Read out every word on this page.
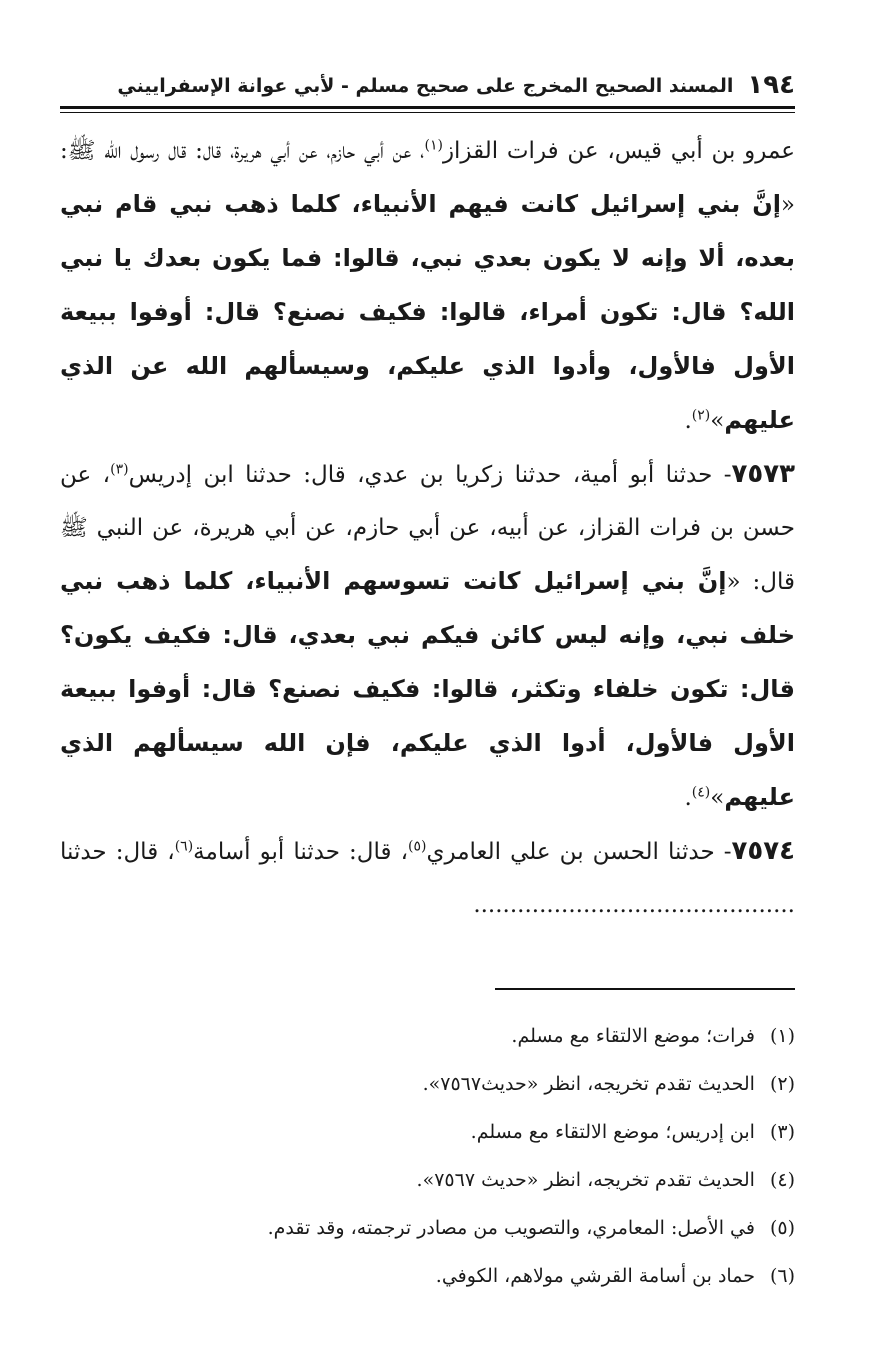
١٩٤
المسند الصحيح المخرج على صحيح مسلم - لأبي عوانة الإسفراييني

عمرو بن أبي قيس، عن فرات القزاز$^{(١)}$، عن أبي حازم، عن أبي هريرة، قال: قال رسول الله ﷺ: «إنَّ بني إسرائيل كانت فيهم الأنبياء، كلما ذهب نبي قام نبي بعده، ألا وإنه لا يكون بعدي نبي، قالوا: فما يكون بعدك يا نبي الله؟ قال: تكون أمراء، قالوا: فكيف نصنع؟ قال: أوفوا ببيعة الأول فالأول، وأدوا الذي عليكم، وسيسألهم الله عن الذي عليهم»$^{(٢)}$.

٧٥٧٣- حدثنا أبو أمية، حدثنا زكريا بن عدي، قال: حدثنا ابن إدريس$^{(٣)}$، عن حسن بن فرات القزاز، عن أبيه، عن أبي حازم، عن أبي هريرة، عن النبي ﷺ قال: «إنَّ بني إسرائيل كانت تسوسهم الأنبياء، كلما ذهب نبي خلف نبي، وإنه ليس كائن فيكم نبي بعدي، قال: فكيف يكون؟ قال: تكون خلفاء وتكثر، قالوا: فكيف نصنع؟ قال: أوفوا ببيعة الأول فالأول، أدوا الذي عليكم، فإن الله سيسألهم الذي عليهم»$^{(٤)}$.

٧٥٧٤- حدثنا الحسن بن علي العامري$^{(٥)}$، قال: حدثنا أبو أسامة$^{(٦)}$، قال: حدثنا ............................................

(١) فرات؛ موضع الالتقاء مع مسلم.
(٢) الحديث تقدم تخريجه، انظر «حديث٧٥٦٧».
(٣) ابن إدريس؛ موضع الالتقاء مع مسلم.
(٤) الحديث تقدم تخريجه، انظر «حديث ٧٥٦٧».
(٥) في الأصل: المعامري، والتصويب من مصادر ترجمته، وقد تقدم.
(٦) حماد بن أسامة القرشي مولاهم، الكوفي.
